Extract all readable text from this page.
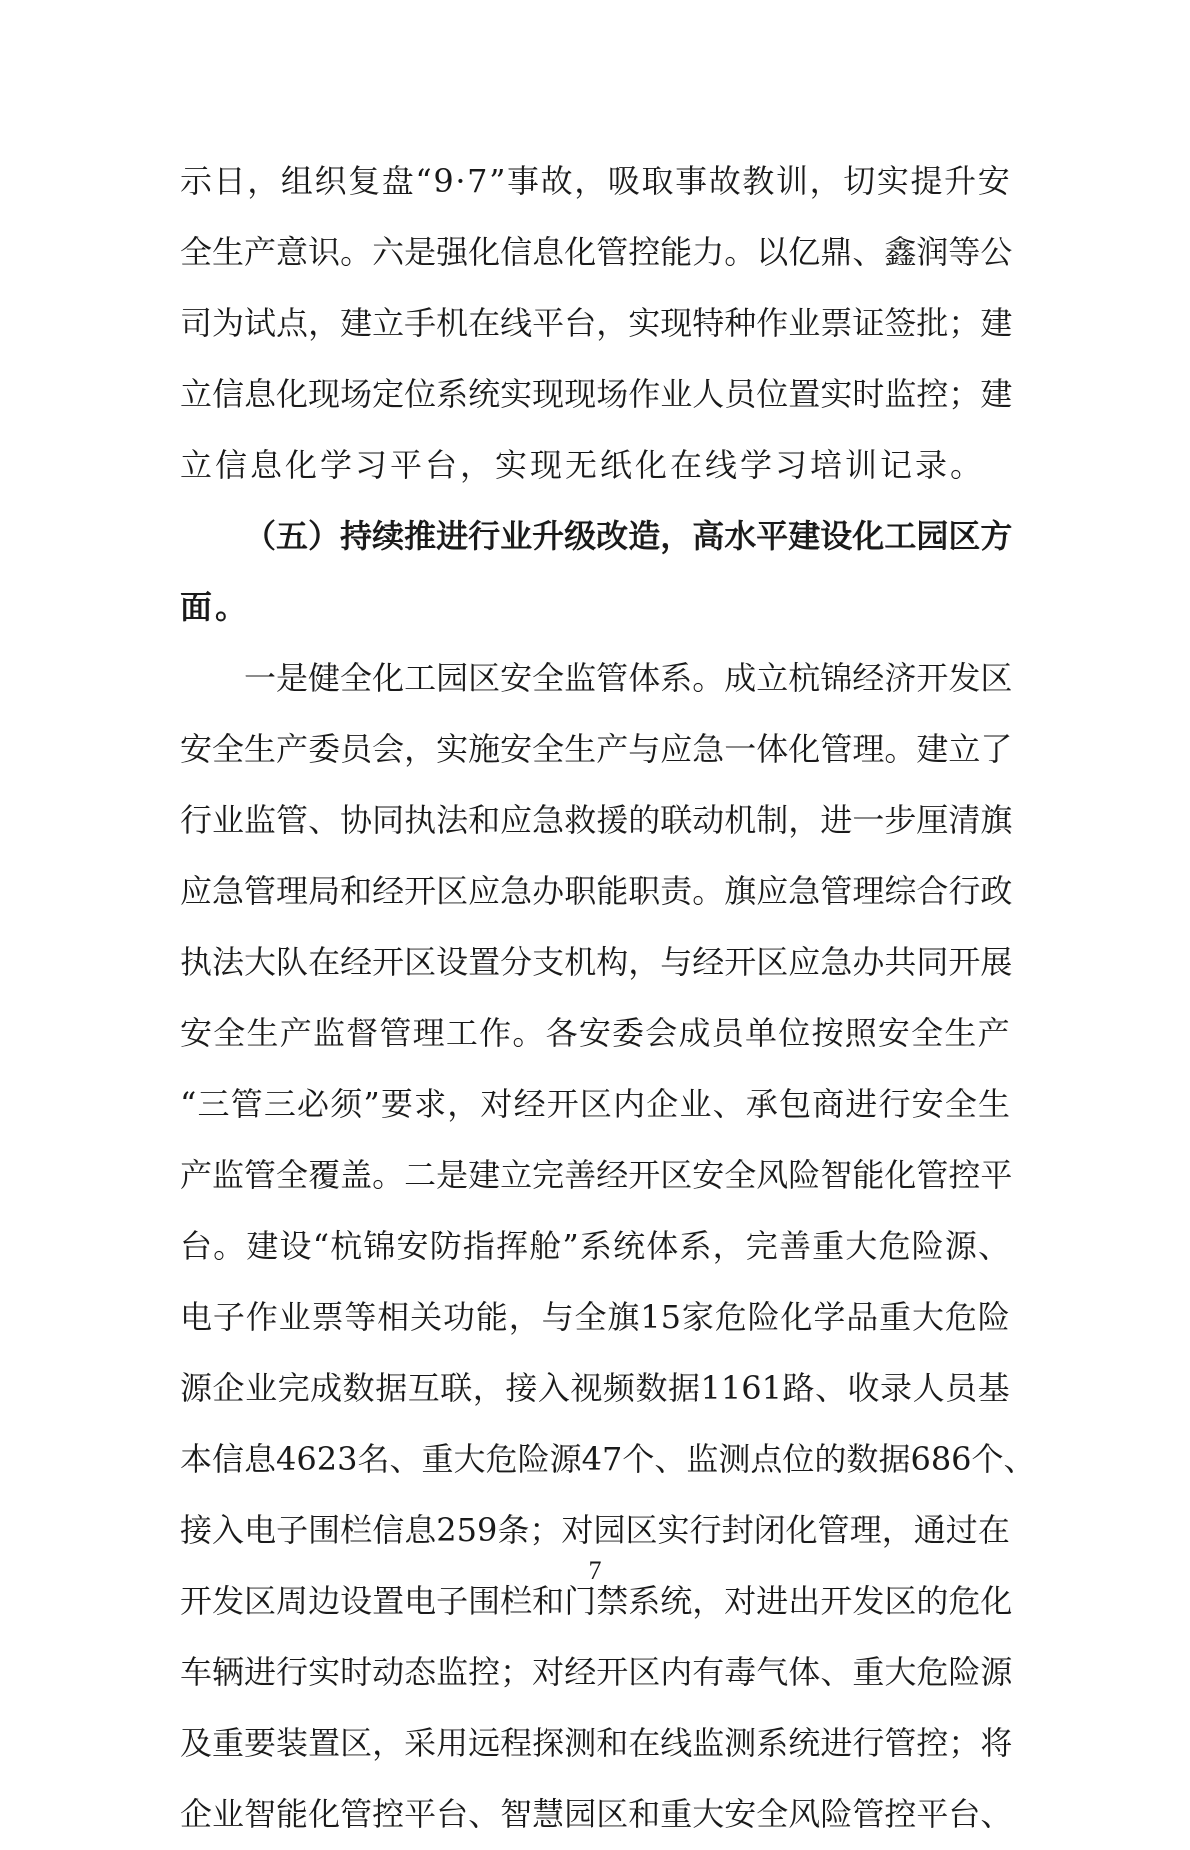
示 日 ， 组 织 复 盘 “ 9 · 7 ” 事 故 ， 吸 取 事 故 教 训 ， 切 实 提 升 安
全 生 产 意 识 。 六 是 强 化 信 息 化 管 控 能 力 。 以 亿 鼎 、 鑫 润 等 公
司 为 试 点 ， 建 立 手 机 在 线 平 台 ， 实 现 特 种 作 业 票 证 签 批 ； 建
立 信 息 化 现 场 定 位 系 统 实 现 现 场 作 业 人 员 位 置 实 时 监 控 ； 建
立信息化学习平台，实现无纸化在线学习培训记录。
（ 五 ） 持 续 推 进 行 业 升 级 改 造 ， 高 水 平 建 设 化 工 园 区 方
面。
一 是 健 全 化 工 园 区 安 全 监 管 体 系 。 成 立 杭 锦 经 济 开 发 区
安 全 生 产 委 员 会 ， 实 施 安 全 生 产 与 应 急 一 体 化 管 理 。 建 立 了
行 业 监 管 、 协 同 执 法 和 应 急 救 援 的 联 动 机 制 ， 进 一 步 厘 清 旗
应 急 管 理 局 和 经 开 区 应 急 办 职 能 职 责 。 旗 应 急 管 理 综 合 行 政
执 法 大 队 在 经 开 区 设 置 分 支 机 构 ， 与 经 开 区 应 急 办 共 同 开 展
安 全 生 产 监 督 管 理 工 作 。 各 安 委 会 成 员 单 位 按 照 安 全 生 产
“ 三 管 三 必 须 ” 要 求 ， 对 经 开 区 内 企 业 、 承 包 商 进 行 安 全 生
产 监 管 全 覆 盖 。 二 是 建 立 完 善 经 开 区 安 全 风 险 智 能 化 管 控 平
台 。 建 设 “ 杭 锦 安 防 指 挥 舱 ” 系 统 体 系 ， 完 善 重 大 危 险 源 、
电 子 作 业 票 等 相 关 功 能 ， 与 全 旗 15 家 危 险 化 学 品 重 大 危 险
源 企 业 完 成 数 据 互 联 ， 接 入 视 频 数 据 1161 路 、 收 录 人 员 基
本 信 息 4623 名 、 重 大 危 险 源 47 个 、 监 测 点 位 的 数 据 686 个 、
接 入 电 子 围 栏 信 息 259 条 ； 对 园 区 实 行 封 闭 化 管 理 ， 通 过 在
开 发 区 周 边 设 置 电 子 围 栏 和 门 禁 系 统 ， 对 进 出 开 发 区 的 危 化
车 辆 进 行 实 时 动 态 监 控 ； 对 经 开 区 内 有 毒 气 体 、 重 大 危 险 源
及 重 要 装 置 区 ， 采 用 远 程 探 测 和 在 线 监 测 系 统 进 行 管 控 ； 将
企 业 智 能 化 管 控 平 台 、 智 慧 园 区 和 重 大 安 全 风 险 管 控 平 台 、
7
